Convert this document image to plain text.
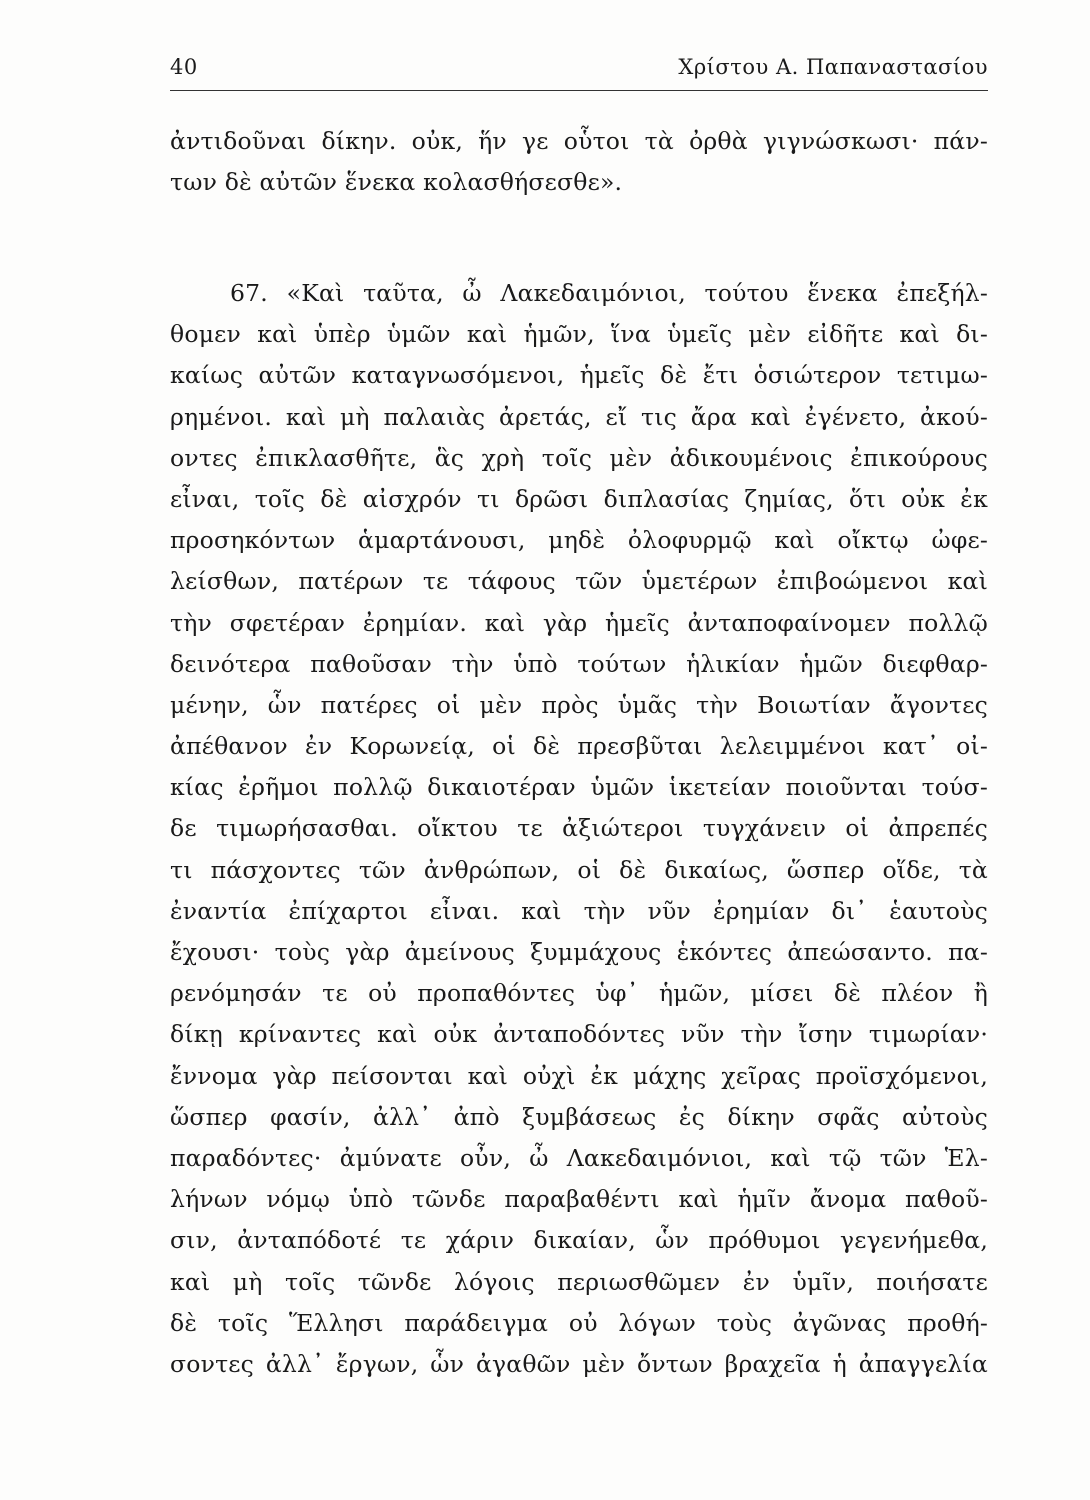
40	Χρίστου Α. Παπαναστασίου
ἀντιδοῦναι δίκην. οὐκ, ἥν γε οὗτοι τὰ ὀρθὰ γιγνώσκωσι· πάν-
των δὲ αὐτῶν ἕνεκα κολασθήσεσθε».
67. «Καὶ ταῦτα, ὦ Λακεδαιμόνιοι, τούτου ἕνεκα ἐπεξήλ-
θομεν καὶ ὑπὲρ ὑμῶν καὶ ἡμῶν, ἵνα ὑμεῖς μὲν εἰδῆτε καὶ δι-
καίως αὐτῶν καταγνωσόμενοι, ἡμεῖς δὲ ἔτι ὁσιώτερον τετιμω-
ρημένοι. καὶ μὴ παλαιὰς ἀρετάς, εἴ τις ἄρα καὶ ἐγένετο, ἀκού-
οντες ἐπικλασθῆτε, ἃς χρὴ τοῖς μὲν ἀδικουμένοις ἐπικούρους
εἶναι, τοῖς δὲ αἰσχρόν τι δρῶσι διπλασίας ζημίας, ὅτι οὐκ ἐκ
προσηκόντων ἁμαρτάνουσι, μηδὲ ὀλοφυρμῷ καὶ οἴκτῳ ὠφε-
λείσθων, πατέρων τε τάφους τῶν ὑμετέρων ἐπιβοώμενοι καὶ
τὴν σφετέραν ἐρημίαν. καὶ γὰρ ἡμεῖς ἀνταποφαίνομεν πολλῷ
δεινότερα παθοῦσαν τὴν ὑπὸ τούτων ἡλικίαν ἡμῶν διεφθαρ-
μένην, ὧν πατέρες οἱ μὲν πρὸς ὑμᾶς τὴν Βοιωτίαν ἄγοντες
ἀπέθανον ἐν Κορωνείᾳ, οἱ δὲ πρεσβῦται λελειμμένοι κατ᾽ οἰ-
κίας ἐρῆμοι πολλῷ δικαιοτέραν ὑμῶν ἱκετείαν ποιοῦνται τούσ-
δε τιμωρήσασθαι. οἴκτου τε ἀξιώτεροι τυγχάνειν οἱ ἀπρεπές
τι πάσχοντες τῶν ἀνθρώπων, οἱ δὲ δικαίως, ὥσπερ οἵδε, τὰ
ἐναντία ἐπίχαρτοι εἶναι. καὶ τὴν νῦν ἐρημίαν δι᾽ ἑαυτοὺς
ἔχουσι· τοὺς γὰρ ἀμείνους ξυμμάχους ἑκόντες ἀπεώσαντο. πα-
ρενόμησάν τε οὐ προπαθόντες ὑφ᾽ ἡμῶν, μίσει δὲ πλέον ἢ
δίκῃ κρίναντες καὶ οὐκ ἀνταποδόντες νῦν τὴν ἴσην τιμωρίαν·
ἔννομα γὰρ πείσονται καὶ οὐχὶ ἐκ μάχης χεῖρας προϊσχόμενοι,
ὥσπερ φασίν, ἀλλ᾽ ἀπὸ ξυμβάσεως ἐς δίκην σφᾶς αὐτοὺς
παραδόντες· ἀμύνατε οὖν, ὦ Λακεδαιμόνιοι, καὶ τῷ τῶν Ἑλ-
λήνων νόμῳ ὑπὸ τῶνδε παραβαθέντι καὶ ἡμῖν ἄνομα παθοῦ-
σιν, ἀνταπόδοτέ τε χάριν δικαίαν, ὧν πρόθυμοι γεγενήμεθα,
καὶ μὴ τοῖς τῶνδε λόγοις περιωσθῶμεν ἐν ὑμῖν, ποιήσατε
δὲ τοῖς Ἕλλησι παράδειγμα οὐ λόγων τοὺς ἀγῶνας προθή-
σοντες ἀλλ᾽ ἔργων, ὧν ἀγαθῶν μὲν ὄντων βραχεῖα ἡ ἀπαγγελία
